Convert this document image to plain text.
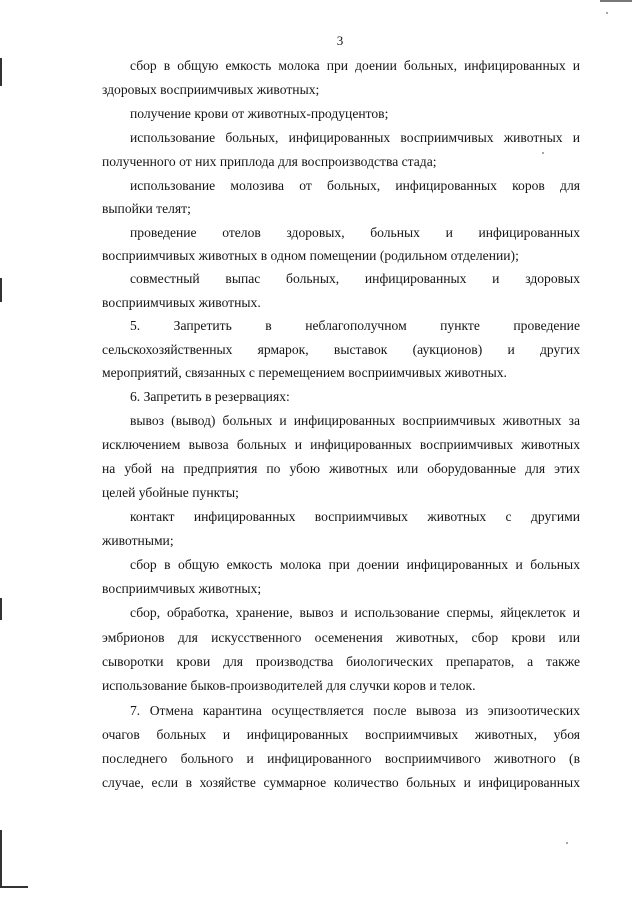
3
сбор в общую емкость молока при доении больных, инфицированных и
здоровых восприимчивых животных;
получение крови от животных-продуцентов;
использование больных, инфицированных восприимчивых животных и
полученного от них приплода для воспроизводства стада;
использование молозива от больных, инфицированных коров для
выпойки телят;
проведение отелов здоровых, больных и инфицированных
восприимчивых животных в одном помещении (родильном отделении);
совместный выпас больных, инфицированных и здоровых
восприимчивых животных.
5. Запретить в неблагополучном пункте проведение
сельскохозяйственных ярмарок, выставок (аукционов) и других
мероприятий, связанных с перемещением восприимчивых животных.
6. Запретить в резервациях:
вывоз (вывод) больных и инфицированных восприимчивых животных за
исключением вывоза больных и инфицированных восприимчивых животных
на убой на предприятия по убою животных или оборудованные для этих
целей убойные пункты;
контакт инфицированных восприимчивых животных с другими
животными;
сбор в общую емкость молока при доении инфицированных и больных
восприимчивых животных;
сбор, обработка, хранение, вывоз и использование спермы, яйцеклеток и
эмбрионов для искусственного осеменения животных, сбор крови или
сыворотки крови для производства биологических препаратов, а также
использование быков-производителей для случки коров и телок.
7. Отмена карантина осуществляется после вывоза из эпизоотических
очагов больных и инфицированных восприимчивых животных, убоя
последнего больного и инфицированного восприимчивого животного (в
случае, если в хозяйстве суммарное количество больных и инфицированных
